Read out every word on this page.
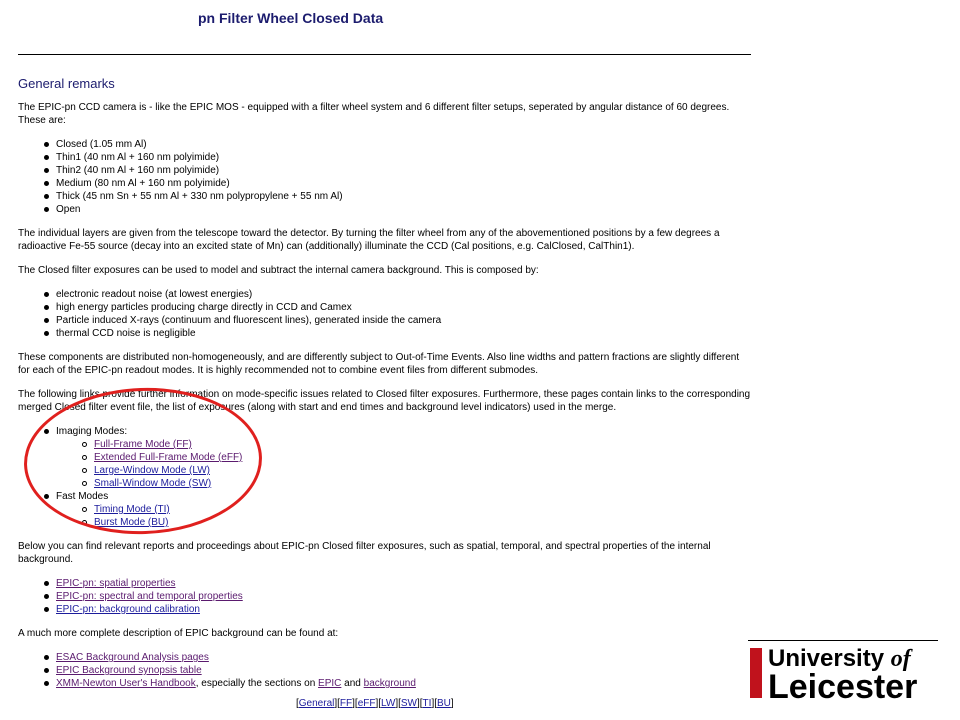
pn Filter Wheel Closed Data
General remarks

The EPIC-pn CCD camera is - like the EPIC MOS - equipped with a filter wheel system and 6 different filter setups, seperated by angular distance of 60 degrees. These are:

Closed (1.05 mm Al)
Thin1 (40 nm Al + 160 nm polyimide)
Thin2 (40 nm Al + 160 nm polyimide)
Medium (80 nm Al + 160 nm polyimide)
Thick (45 nm Sn + 55 nm Al + 330 nm polypropylene + 55 nm Al)
Open

The individual layers are given from the telescope toward the detector. By turning the filter wheel from any of the abovementioned positions by a few degrees a radioactive Fe-55 source (decay into an excited state of Mn) can (additionally) illuminate the CCD (Cal positions, e.g. CalClosed, CalThin1).

The Closed filter exposures can be used to model and subtract the internal camera background. This is composed by:

electronic readout noise (at lowest energies)
high energy particles producing charge directly in CCD and Camex
Particle induced X-rays (continuum and fluorescent lines), generated inside the camera
thermal CCD noise is negligible

These components are distributed non-homogeneously, and are differently subject to Out-of-Time Events. Also line widths and pattern fractions are slightly different for each of the EPIC-pn readout modes. It is highly recommended not to combine event files from different submodes.

The following links provide further information on mode-specific issues related to Closed filter exposures. Furthermore, these pages contain links to the corresponding merged Closed filter event file, the list of exposures (along with start and end times and background level indicators) used in the merge.

Imaging Modes:
Full-Frame Mode (FF)
Extended Full-Frame Mode (eFF)
Large-Window Mode (LW)
Small-Window Mode (SW)
Fast Modes
Timing Mode (TI)
Burst Mode (BU)

Below you can find relevant reports and proceedings about EPIC-pn Closed filter exposures, such as spatial, temporal, and spectral properties of the internal background.

EPIC-pn: spatial properties
EPIC-pn: spectral and temporal properties
EPIC-pn: background calibration

A much more complete description of EPIC background can be found at:

ESAC Background Analysis pages
EPIC Background synopsis table
XMM-Newton User's Handbook, especially the sections on EPIC and background
[General][FF][eFF][LW][SW][TI][BU]

University of

Leicester
